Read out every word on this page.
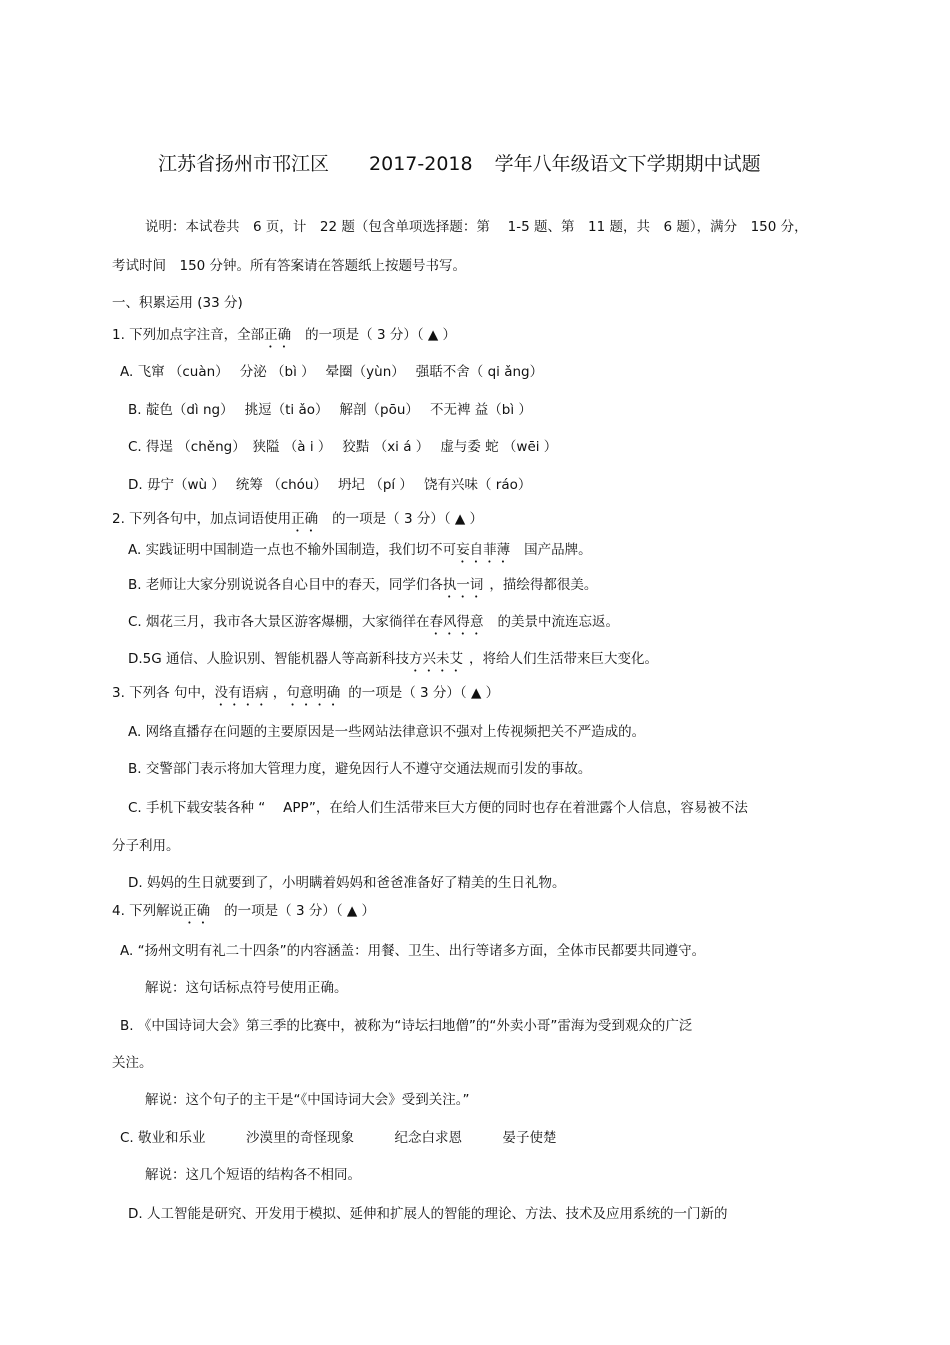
江苏省扬州市邗江区 2017-2018 学年八年级语文下学期期中试题
说明：本试卷共　6 页，计　22 题（包含单项选择题：第　 1-5 题、第　11 题，共　6 题），满分　150 分，
考试时间　150 分钟。所有答案请在答题纸上按题号书写。
一、积累运用 (33 分)
1. 下列加点字注音，全部正确 的一项是（ 3 分）（ ▲ ）
A. 飞窜 （cuàn）　 分泌 （bì ）　 晕圈（yùn）　 强聒不舍（ qi ǎng）
B. 靛色（dì ng）　 挑逗（ti ǎo）　 解剖（pōu）　 不无裨 益（bì ）
C. 得逞 （chěng）　狭隘 （à i ）　 狡黠 （xi á ）　 虚与委 蛇 （wēi ）
D. 毋宁（wù ）　 统筹 （chóu）　 坍圮 （pí ）　 饶有兴味（ ráo）
2. 下列各句中，加点词语使用正确 的一项是（ 3 分）（ ▲ ）
A. 实践证明中国制造一点也不输外国制造，我们切不可妄自菲薄 国产品牌。
B. 老师让大家分别说说各自心目中的春天，同学们各执一词 ，描绘得都很美。
C. 烟花三月，我市各大景区游客爆棚，大家徜徉在春风得意 的美景中流连忘返。
D.5G 通信、人脸识别、智能机器人等高新科技方兴未艾 ，将给人们生活带来巨大变化。
3. 下列各 句中，没有语病 ，句意明确 的一项是（ 3 分）（ ▲ ）
A. 网络直播存在问题的主要原因是一些网站法律意识不强对上传视频把关不严造成的。
B. 交警部门表示将加大管理力度，避免因行人不遵守交通法规而引发的事故。
C. 手机下载安装各种 “　 APP”，在给人们生活带来巨大方便的同时也存在着泄露个人信息，容易被不法
分子利用。
D. 妈妈的生日就要到了，小明瞒着妈妈和爸爸准备好了精美的生日礼物。
4. 下列解说正确 的一项是（ 3 分）（ ▲ ）
A. “扬州文明有礼二十四条”的内容涵盖：用餐、卫生、出行等诸多方面，全体市民都要共同遵守。
解说：这句话标点符号使用正确。
B. 《中国诗词大会》第三季的比赛中，被称为“诗坛扫地僧”的“外卖小哥”雷海为受到观众的广泛
关注。
解说：这个句子的主干是“《中国诗词大会》受到关注。”
C. 敬业和乐业　　　沙漠里的奇怪现象　　　纪念白求恩　　　晏子使楚
解说：这几个短语的结构各不相同。
D. 人工智能是研究、开发用于模拟、延伸和扩展人的智能的理论、方法、技术及应用系统的一门新的
